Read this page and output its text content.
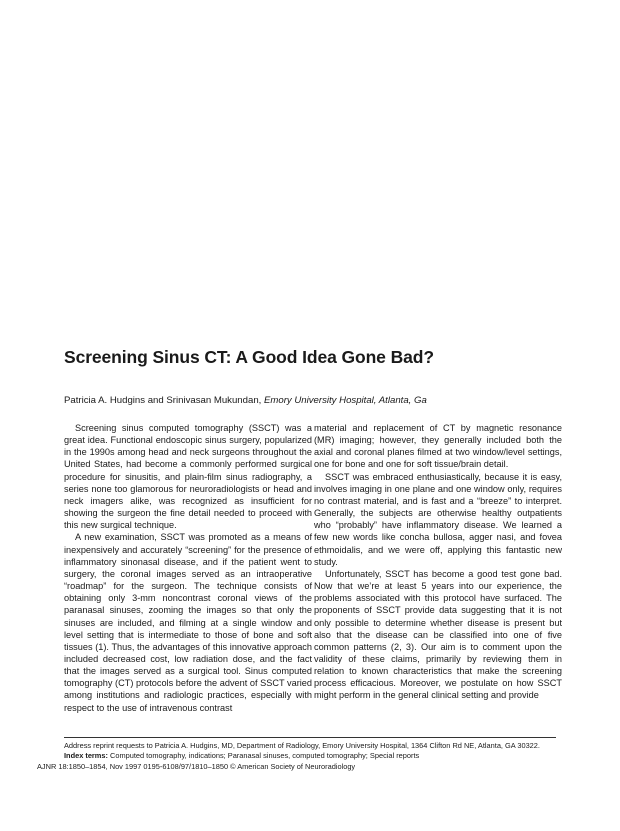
Screening Sinus CT: A Good Idea Gone Bad?
Patricia A. Hudgins and Srinivasan Mukundan, Emory University Hospital, Atlanta, Ga

Screening sinus computed tomography (SSCT) was a great idea. Functional endoscopic sinus surgery, popularized in the 1990s among head and neck surgeons throughout the United States, had become a commonly performed surgical procedure for sinusitis, and plain-film sinus radiography, a series none too glamorous for neuroradiologists or head and neck imagers alike, was recognized as insufficient for showing the surgeon the fine detail needed to proceed with this new surgical technique.

A new examination, SSCT was promoted as a means of inexpensively and accurately “screening” for the presence of inflammatory sinonasal disease, and if the patient went to surgery, the coronal images served as an intraoperative “roadmap” for the surgeon. The technique consists of obtaining only 3-mm noncontrast coronal views of the paranasal sinuses, zooming the images so that only the sinuses are included, and filming at a single window and level setting that is intermediate to those of bone and soft tissues (1). Thus, the advantages of this innovative approach included decreased cost, low radiation dose, and the fact that the images served as a surgical tool. Sinus computed tomography (CT) protocols before the advent of SSCT varied among institutions and radiologic practices, especially with respect to the use of intravenous contrast

material and replacement of CT by magnetic resonance (MR) imaging; however, they generally included both the axial and coronal planes filmed at two window/level settings, one for bone and one for soft tissue/brain detail.

SSCT was embraced enthusiastically, because it is easy, involves imaging in one plane and one window only, requires no contrast material, and is fast and a “breeze” to interpret. Generally, the subjects are otherwise healthy outpatients who “probably” have inflammatory disease. We learned a few new words like concha bullosa, agger nasi, and fovea ethmoidalis, and we were off, applying this fantastic new study.

Unfortunately, SSCT has become a good test gone bad. Now that we’re at least 5 years into our experience, the problems associated with this protocol have surfaced. The proponents of SSCT provide data suggesting that it is not only possible to determine whether disease is present but also that the disease can be classified into one of five common patterns (2, 3). Our aim is to comment upon the validity of these claims, primarily by reviewing them in relation to known characteristics that make the screening process efficacious. Moreover, we postulate on how SSCT might perform in the general clinical setting and provide

Address reprint requests to Patricia A. Hudgins, MD, Department of Radiology, Emory University Hospital, 1364 Clifton Rd NE, Atlanta, GA 30322.
Index terms: Computed tomography, indications; Paranasal sinuses, computed tomography; Special reports
AJNR 18:1850–1854, Nov 1997 0195-6108/97/1810–1850 © American Society of Neuroradiology
